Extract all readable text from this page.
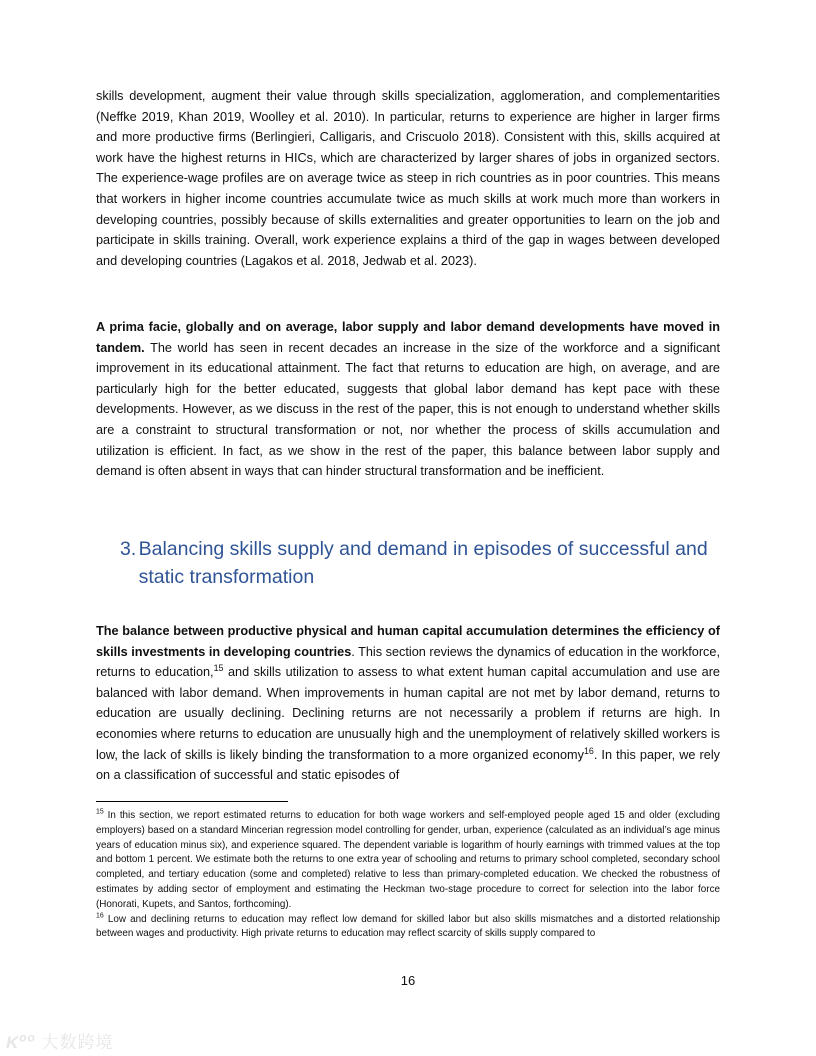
skills development, augment their value through skills specialization, agglomeration, and complementarities (Neffke 2019, Khan 2019, Woolley et al. 2010). In particular, returns to experience are higher in larger firms and more productive firms (Berlingieri, Calligaris, and Criscuolo 2018). Consistent with this, skills acquired at work have the highest returns in HICs, which are characterized by larger shares of jobs in organized sectors. The experience-wage profiles are on average twice as steep in rich countries as in poor countries. This means that workers in higher income countries accumulate twice as much skills at work much more than workers in developing countries, possibly because of skills externalities and greater opportunities to learn on the job and participate in skills training. Overall, work experience explains a third of the gap in wages between developed and developing countries (Lagakos et al. 2018, Jedwab et al. 2023).

A prima facie, globally and on average, labor supply and labor demand developments have moved in tandem. The world has seen in recent decades an increase in the size of the workforce and a significant improvement in its educational attainment. The fact that returns to education are high, on average, and are particularly high for the better educated, suggests that global labor demand has kept pace with these developments. However, as we discuss in the rest of the paper, this is not enough to understand whether skills are a constraint to structural transformation or not, nor whether the process of skills accumulation and utilization is efficient. In fact, as we show in the rest of the paper, this balance between labor supply and demand is often absent in ways that can hinder structural transformation and be inefficient.

3. Balancing skills supply and demand in episodes of successful and static transformation

The balance between productive physical and human capital accumulation determines the efficiency of skills investments in developing countries. This section reviews the dynamics of education in the workforce, returns to education,$^{15}$ and skills utilization to assess to what extent human capital accumulation and use are balanced with labor demand. When improvements in human capital are not met by labor demand, returns to education are usually declining. Declining returns are not necessarily a problem if returns are high. In economies where returns to education are unusually high and the unemployment of relatively skilled workers is low, the lack of skills is likely binding the transformation to a more organized economy$^{16}$. In this paper, we rely on a classification of successful and static episodes of

$^{15}$ In this section, we report estimated returns to education for both wage workers and self-employed people aged 15 and older (excluding employers) based on a standard Mincerian regression model controlling for gender, urban, experience (calculated as an individual’s age minus years of education minus six), and experience squared. The dependent variable is logarithm of hourly earnings with trimmed values at the top and bottom 1 percent. We estimate both the returns to one extra year of schooling and returns to primary school completed, secondary school completed, and tertiary education (some and completed) relative to less than primary-completed education. We checked the robustness of estimates by adding sector of employment and estimating the Heckman two-stage procedure to correct for selection into the labor force (Honorati, Kupets, and Santos, forthcoming).
$^{16}$ Low and declining returns to education may reflect low demand for skilled labor but also skills mismatches and a distorted relationship between wages and productivity. High private returns to education may reflect scarcity of skills supply compared to

16
$K^{oo}$ 大数跨境
